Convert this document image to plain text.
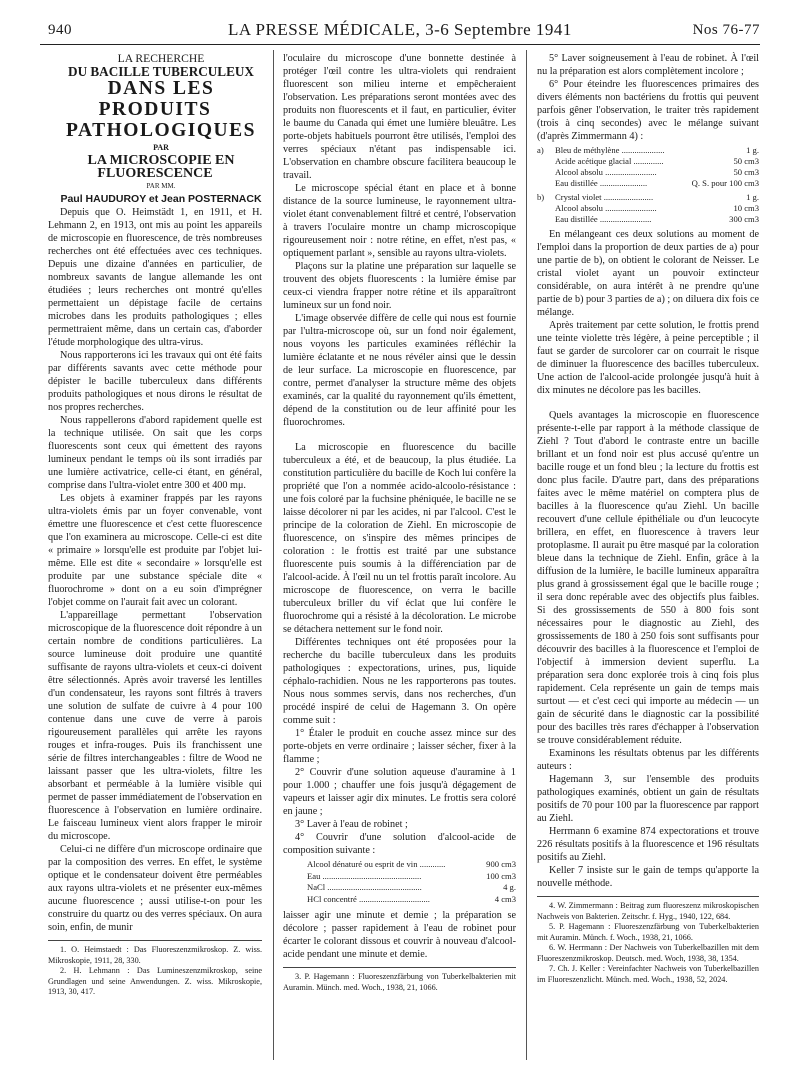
940	LA PRESSE MÉDICALE, 3-6 Septembre 1941	Nos 76-77

LA RECHERCHE

DU BACILLE TUBERCULEUX

DANS LES PRODUITS

PATHOLOGIQUES

PAR

LA MICROSCOPIE EN FLUORESCENCE

PAR MM.

Paul HAUDUROY et Jean POSTERNACK

Depuis que O. Heimstädt 1, en 1911, et H. Lehmann 2, en 1913, ont mis au point les appareils de microscopie en fluorescence, de très nombreuses recherches ont été effectuées avec ces techniques. Depuis une dizaine d'années en particulier, de nombreux savants de langue allemande les ont étudiées ; leurs recherches ont montré qu'elles permettaient un dépistage facile de certains microbes dans les produits pathologiques ; elles permettraient même, dans un certain cas, d'aborder l'étude morphologique des ultra-virus.

Nous rapporterons ici les travaux qui ont été faits par différents savants avec cette méthode pour dépister le bacille tuberculeux dans différents produits pathologiques et nous dirons le résultat de nos propres recherches.

Nous rappellerons d'abord rapidement quelle est la technique utilisée. On sait que les corps fluorescents sont ceux qui émettent des rayons lumineux pendant le temps où ils sont irradiés par une lumière activatrice, celle-ci étant, en général, comprise dans l'ultra-violet entre 300 et 400 mμ.

Les objets à examiner frappés par les rayons ultra-violets émis par un foyer convenable, vont émettre une fluorescence et c'est cette fluorescence que l'on examinera au microscope. Celle-ci est dite « primaire » lorsqu'elle est produite par l'objet lui-même. Elle est dite « secondaire » lorsqu'elle est produite par une substance spéciale dite « fluorochrome » dont on a eu soin d'imprégner l'objet comme on l'aurait fait avec un colorant.

L'appareillage permettant l'observation microscopique de la fluorescence doit répondre à un certain nombre de conditions particulières. La source lumineuse doit produire une quantité suffisante de rayons ultra-violets et ceux-ci doivent être sélectionnés. Après avoir traversé les lentilles d'un condensateur, les rayons sont filtrés à travers une solution de sulfate de cuivre à 4 pour 100 contenue dans une cuve de verre à parois rigoureusement parallèles qui arrête les rayons rouges et infra-rouges. Puis ils franchissent une série de filtres interchangeables : filtre de Wood ne laissant passer que les ultra-violets, filtre les absorbant et perméable à la lumière visible qui permet de passer immédiatement de l'observation en fluorescence à l'observation en lumière ordinaire. Le faisceau lumineux vient alors frapper le miroir du microscope.

Celui-ci ne diffère d'un microscope ordinaire que par la composition des verres. En effet, le système optique et le condensateur doivent être perméables aux rayons ultra-violets et ne présenter eux-mêmes aucune fluorescence ; aussi utilise-t-on pour les construire du quartz ou des verres spéciaux. On aura soin, enfin, de munir

1. O. Heimstaedt : Das Fluoreszenzmikroskop. Z. wiss. Mikroskopie, 1911, 28, 330.

2. H. Lehmann : Das Lumineszenzmikroskop, seine Grundlagen und seine Anwendungen. Z. wiss. Mikroskopie, 1913, 30, 417.

l'oculaire du microscope d'une bonnette destinée à protéger l'œil contre les ultra-violets qui rendraient fluorescent son milieu interne et empêcheraient l'observation. Les préparations seront montées avec des produits non fluorescents et il faut, en particulier, éviter le baume du Canada qui émet une lumière bleuâtre. Les porte-objets habituels pourront être utilisés, l'emploi des verres spéciaux n'étant pas indispensable ici. L'observation en chambre obscure facilitera beaucoup le travail.

Le microscope spécial étant en place et à bonne distance de la source lumineuse, le rayonnement ultra-violet étant convenablement filtré et centré, l'observation à travers l'oculaire montre un champ microscopique rigoureusement noir : notre rétine, en effet, n'est pas, « optiquement parlant », sensible au rayons ultra-violets.

Plaçons sur la platine une préparation sur laquelle se trouvent des objets fluorescents : la lumière émise par ceux-ci viendra frapper notre rétine et ils apparaîtront lumineux sur un fond noir.

L'image observée diffère de celle qui nous est fournie par l'ultra-microscope où, sur un fond noir également, nous voyons les particules examinées réfléchir la lumière éclatante et ne nous révéler ainsi que le dessin de leur surface. La microscopie en fluorescence, par contre, permet d'analyser la structure même des objets examinés, car la qualité du rayonnement qu'ils émettent, dépend de la constitution ou de leur affinité pour les fluorochromes.

La microscopie en fluorescence du bacille tuberculeux a été, et de beaucoup, la plus étudiée. La constitution particulière du bacille de Koch lui confère la propriété que l'on a nommée acido-alcoolo-résistance : une fois coloré par la fuchsine phéniquée, le bacille ne se laisse décolorer ni par les acides, ni par l'alcool. C'est le principe de la coloration de Ziehl. En microscopie de fluorescence, on s'inspire des mêmes principes de coloration : le frottis est traité par une substance fluorescente puis soumis à la différenciation par de l'alcool-acide. À l'œil nu un tel frottis paraît incolore. Au microscope de fluorescence, on verra le bacille tuberculeux briller du vif éclat que lui confère le fluorochrome qui a résisté à la décoloration. Le microbe se détachera nettement sur le fond noir.

Différentes techniques ont été proposées pour la recherche du bacille tuberculeux dans les produits pathologiques : expectorations, urines, pus, liquide céphalo-rachidien. Nous ne les rapporterons pas toutes. Nous nous sommes servis, dans nos recherches, d'un procédé inspiré de celui de Hagemann 3. On opère comme suit :

1° Étaler le produit en couche assez mince sur des porte-objets en verre ordinaire ; laisser sécher, fixer à la flamme ;

2° Couvrir d'une solution aqueuse d'auramine à 1 pour 1.000 ; chauffer une fois jusqu'à dégagement de vapeurs et laisser agir dix minutes. Le frottis sera coloré en jaune ;

3° Laver à l'eau de robinet ;

4° Couvrir d'une solution d'alcool-acide de composition suivante :

Alcool dénaturé ou esprit de vin ............	900 cm3
Eau ..............................................	100 cm3
NaCl ............................................	4 g.
HCl concentré .................................	4 cm3

laisser agir une minute et demie ; la préparation se décolore ; passer rapidement à l'eau de robinet pour écarter le colorant dissous et couvrir à nouveau d'alcool-acide pendant une minute et demie.

3. P. Hagemann : Fluoreszenzfärbung von Tuberkelbakterien mit Auramin. Münch. med. Woch., 1938, 21, 1066.

5° Laver soigneusement à l'eau de robinet. À l'œil nu la préparation est alors complètement incolore ;

6° Pour éteindre les fluorescences primaires des divers éléments non bactériens du frottis qui peuvent parfois gêner l'observation, le traiter très rapidement (trois à cinq secondes) avec le mélange suivant (d'après Zimmermann 4) :

a)	Bleu de méthylène ....................	1 g.
Acide acétique glacial ..............	50 cm3
Alcool absolu ........................	50 cm3
Eau distillée ......................	Q. S. pour 100 cm3
b)	Crystal violet .......................	1 g.
Alcool absolu ........................	10 cm3
Eau distillée ........................	300 cm3

En mélangeant ces deux solutions au moment de l'emploi dans la proportion de deux parties de a) pour une partie de b), on obtient le colorant de Neisser. Le cristal violet ayant un pouvoir extincteur considérable, on aura intérêt à ne prendre qu'une partie de b) pour 3 parties de a) ; on diluera dix fois ce mélange.

Après traitement par cette solution, le frottis prend une teinte violette très légère, à peine perceptible ; il faut se garder de surcolorer car on courrait le risque de diminuer la fluorescence des bacilles tuberculeux. Une action de l'alcool-acide prolongée jusqu'à huit à dix minutes ne décolore pas les bacilles.

Quels avantages la microscopie en fluorescence présente-t-elle par rapport à la méthode classique de Ziehl ? Tout d'abord le contraste entre un bacille brillant et un fond noir est plus accusé qu'entre un bacille rouge et un fond bleu ; la lecture du frottis est donc plus facile. D'autre part, dans des préparations faites avec le même matériel on comptera plus de bacilles à la fluorescence qu'au Ziehl. Un bacille recouvert d'une cellule épithéliale ou d'un leucocyte brillera, en effet, en fluorescence à travers leur protoplasme. Il aurait pu être masqué par la coloration bleue dans la technique de Ziehl. Enfin, grâce à la diffusion de la lumière, le bacille lumineux apparaîtra plus grand à grossissement égal que le bacille rouge ; il sera donc repérable avec des objectifs plus faibles. Si des grossissements de 550 à 800 fois sont nécessaires pour le diagnostic au Ziehl, des grossissements de 180 à 250 fois sont suffisants pour découvrir des bacilles à la fluorescence et l'emploi de l'objectif à immersion devient superflu. La préparation sera donc explorée trois à cinq fois plus rapidement. Cela représente un gain de temps mais surtout — et c'est ceci qui importe au médecin — un gain de sécurité dans le diagnostic car la possibilité pour des bacilles très rares d'échapper à l'observation se trouve considérablement réduite.

Examinons les résultats obtenus par les différents auteurs :

Hagemann 3, sur l'ensemble des produits pathologiques examinés, obtient un gain de résultats positifs de 70 pour 100 par la fluorescence par rapport au Ziehl.

Herrmann 6 examine 874 expectorations et trouve 226 résultats positifs à la fluorescence et 196 résultats positifs au Ziehl.

Keller 7 insiste sur le gain de temps qu'apporte la nouvelle méthode.

4. W. Zimmermann : Beitrag zum fluoreszenz mikroskopischen Nachweis von Bakterien. Zeitschr. f. Hyg., 1940, 122, 684.

5. P. Hagemann : Fluoreszenzfärbung von Tuberkelbakterien mit Auramin. Münch. f. Woch., 1938, 21, 1066.

6. W. Herrmann : Der Nachweis von Tuberkelbazillen mit dem Fluoreszenzmikroskop. Deutsch. med. Woch, 1938, 38, 1354.

7. Ch. J. Keller : Vereinfachter Nachweis von Tuberkelbazillen im Fluoreszenzlicht. Münch. med. Woch., 1938, 52, 2024.
